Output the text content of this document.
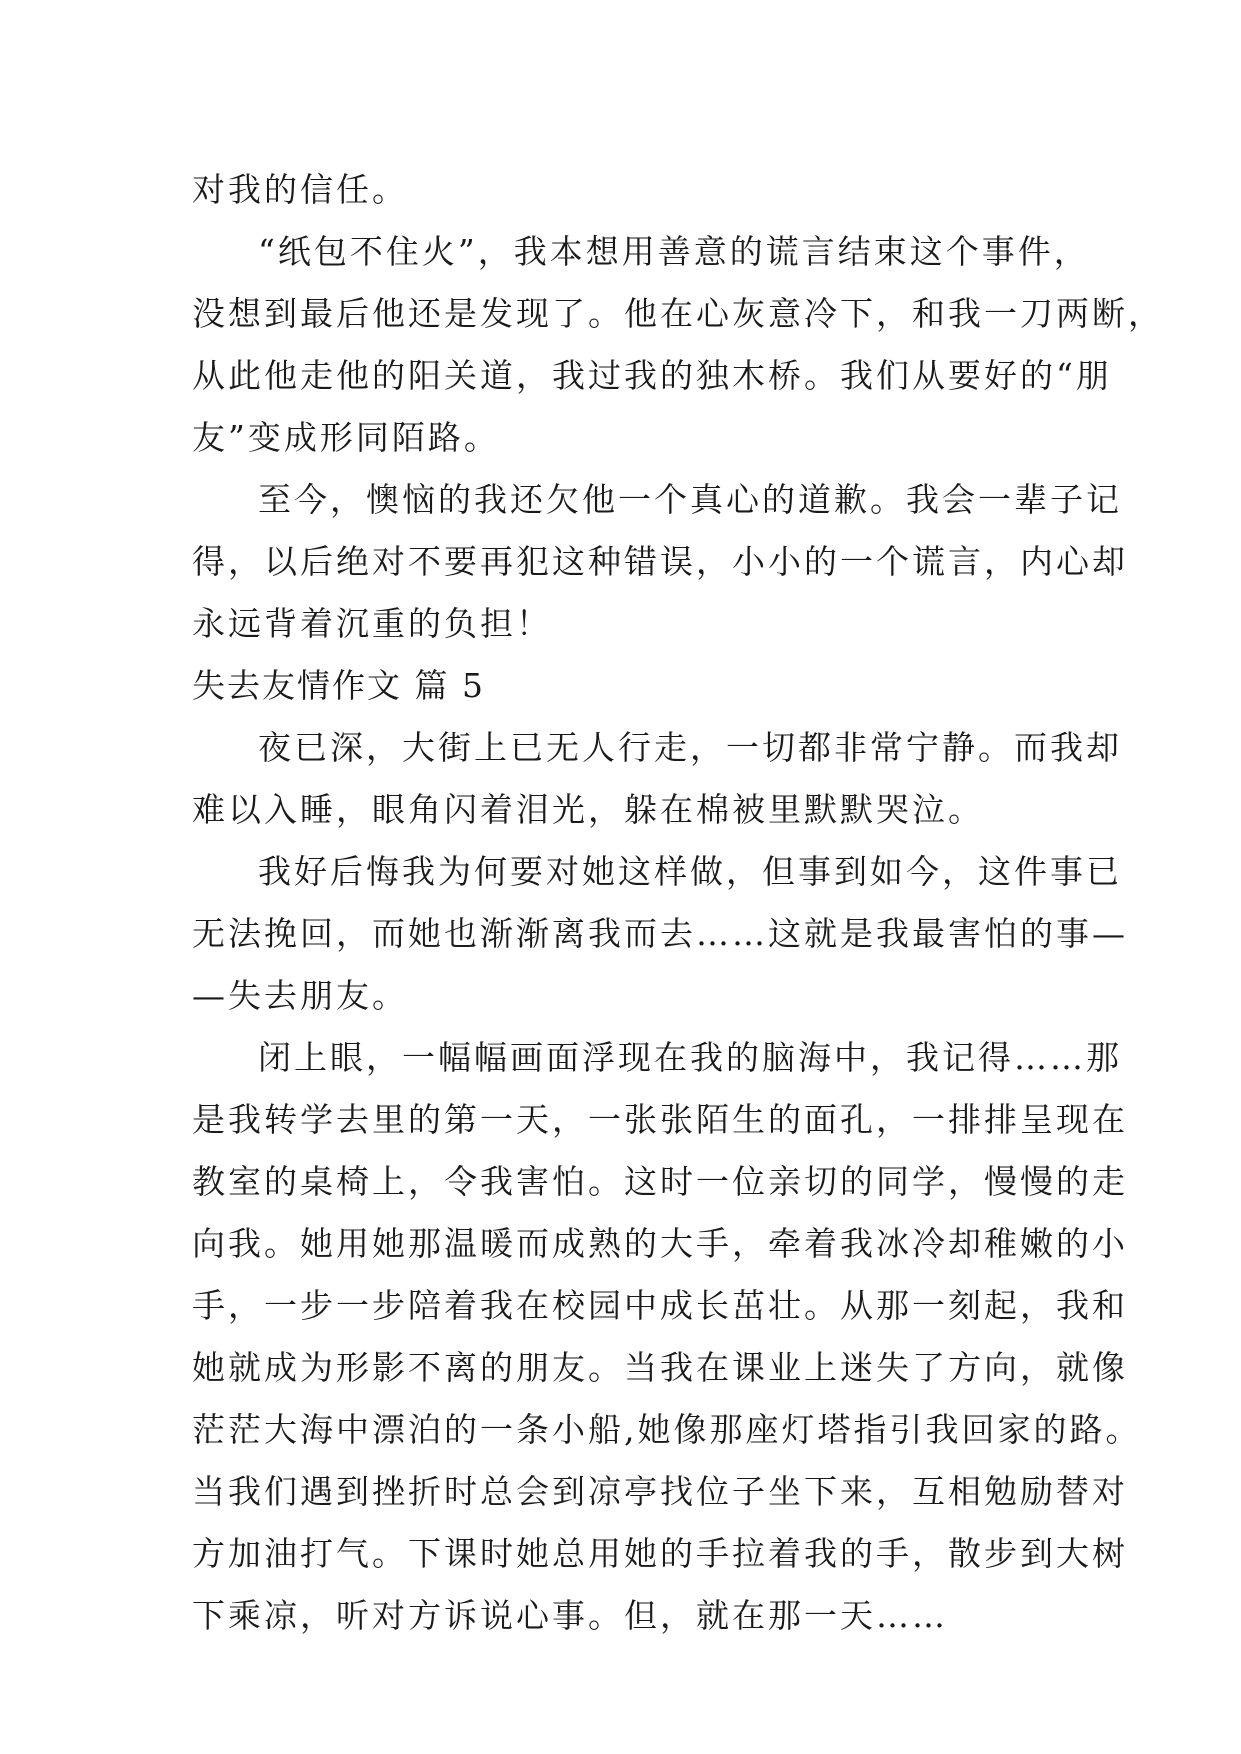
对我的信任。
“纸包不住火”，我本想用善意的谎言结束这个事件，
没想到最后他还是发现了。他在心灰意冷下，和我一刀两断，
从此他走他的阳关道，我过我的独木桥。我们从要好的“朋
友”变成形同陌路。
至今，懊恼的我还欠他一个真心的道歉。我会一辈子记
得，以后绝对不要再犯这种错误，小小的一个谎言，内心却
永远背着沉重的负担！
失去友情作文 篇 5
夜已深，大街上已无人行走，一切都非常宁静。而我却
难以入睡，眼角闪着泪光，躲在棉被里默默哭泣。
我好后悔我为何要对她这样做，但事到如今，这件事已
无法挽回，而她也渐渐离我而去……这就是我最害怕的事—
—失去朋友。
闭上眼，一幅幅画面浮现在我的脑海中，我记得……那
是我转学去里的第一天，一张张陌生的面孔，一排排呈现在
教室的桌椅上，令我害怕。这时一位亲切的同学，慢慢的走
向我。她用她那温暖而成熟的大手，牵着我冰冷却稚嫩的小
手，一步一步陪着我在校园中成长茁壮。从那一刻起，我和
她就成为形影不离的朋友。当我在课业上迷失了方向，就像
茫茫大海中漂泊的一条小船,她像那座灯塔指引我回家的路。
当我们遇到挫折时总会到凉亭找位子坐下来，互相勉励替对
方加油打气。下课时她总用她的手拉着我的手，散步到大树
下乘凉，听对方诉说心事。但，就在那一天……
